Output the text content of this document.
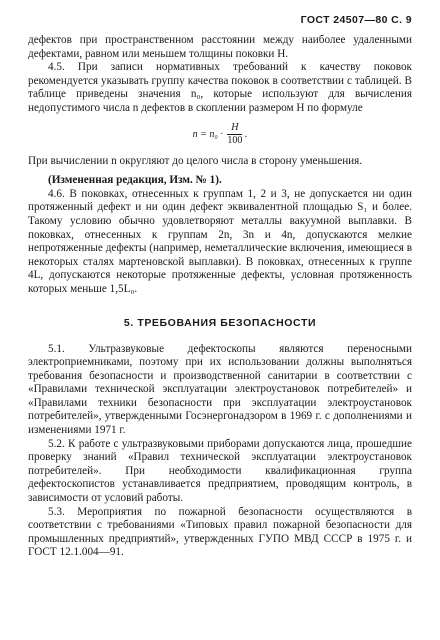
ГОСТ 24507—80 С. 9

дефектов при пространственном расстоянии между наиболее удаленными дефектами, равном или меньшем толщины поковки H.

4.5. При записи нормативных требований к качеству поковок рекомендуется указывать группу качества поковок в соответствии с таблицей. В таблице приведены значения n₀, которые используют для вычисления недопустимого числа n дефектов в скоплении размером H по формуле

$n = n_0 \cdot \frac{H}{100}$ .

При вычислении n округляют до целого числа в сторону уменьшения.

(Измененная редакция, Изм. № 1).

4.6. В поковках, отнесенных к группам 1, 2 и 3, не допускается ни один протяженный дефект и ни один дефект эквивалентной площадью S₁ и болеe. Такому условию обычно удовлетворяют металлы вакуумной выплавки. В поковках, отнесенных к группам 2n, 3n и 4n, допускаются мелкие непротяженные дефекты (например, неметаллические включения, имеющиеся в некоторых сталях мартеновской выплавки). В поковках, отнесенных к группе 4L, допускаются некоторые протяженные дефекты, условная протяженность которых меньше 1,5L₀.

5. ТРЕБОВАНИЯ БЕЗОПАСНОСТИ

5.1. Ультразвуковые дефектоскопы являются переносными электроприемниками, поэтому при их использовании должны выполняться требования безопасности и производственной санитарии в соответствии с «Правилами технической эксплуатации электроустановок потребителей» и «Правилами техники безопасности при эксплуатации электроустановок потребителей», утвержденными Госэнергонадзором в 1969 г. с дополнениями и изменениями 1971 г.

5.2. К работе с ультразвуковыми приборами допускаются лица, прошедшие проверку знаний «Правил технической эксплуатации электроустановок потребителей». При необходимости квалификационная группа дефектоскопистов устанавливается предприятием, проводящим контроль, в зависимости от условий работы.

5.3. Мероприятия по пожарной безопасности осуществляются в соответствии с требованиями «Типовых правил пожарной безопасности для промышленных предприятий», утвержденных ГУПО МВД СССР в 1975 г. и ГОСТ 12.1.004—91.
